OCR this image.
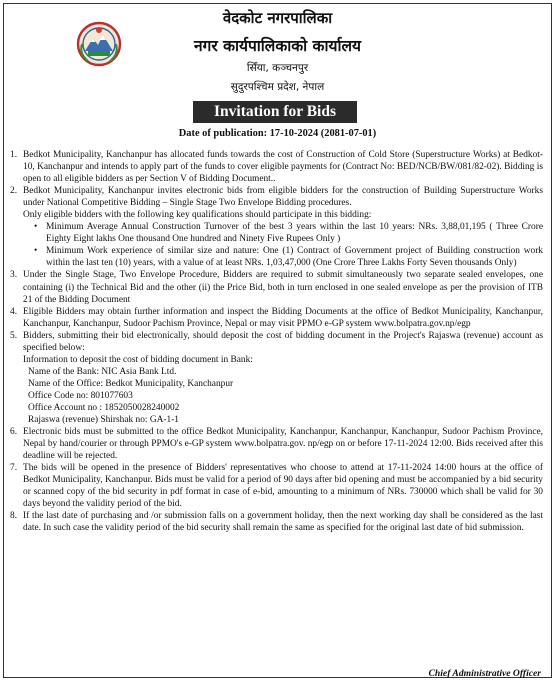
वेदकोट नगरपालिका
नगर कार्यपालिकाको कार्यालय
सिँया, कञ्चनपुर
सुदुरपश्चिम प्रदेश, नेपाल
Invitation for Bids
Date of publication: 17-10-2024 (2081-07-01)
1. Bedkot Municipality, Kanchanpur has allocated funds towards the cost of Construction of Cold Store (Superstructure Works) at Bedkot-10, Kanchanpur and intends to apply part of the funds to cover eligible payments for (Contract No: BED/NCB/BW/081/82-02). Bidding is open to all eligible bidders as per Section V of Bidding Document..
2. Bedkot Municipality, Kanchanpur invites electronic bids from eligible bidders for the construction of Building Superstructure Works under National Competitive Bidding – Single Stage Two Envelope Bidding procedures.
Only eligible bidders with the following key qualifications should participate in this bidding:
• Minimum Average Annual Construction Turnover of the best 3 years within the last 10 years: NRs. 3,88,01,195 ( Three Crore Eighty Eight lakhs One thousand One hundred and Ninety Five Rupees Only )
• Minimum Work experience of similar size and nature: One (1) Contract of Government project of Building construction work within the last ten (10) years, with a value of at least NRs. 1,03,47,000 (One Crore Three Lakhs Forty Seven thousands Only)
3. Under the Single Stage, Two Envelope Procedure, Bidders are required to submit simultaneously two separate sealed envelopes, one containing (i) the Technical Bid and the other (ii) the Price Bid, both in turn enclosed in one sealed envelope as per the provision of ITB 21 of the Bidding Document
4. Eligible Bidders may obtain further information and inspect the Bidding Documents at the office of Bedkot Municipality, Kanchanpur, Kanchanpur, Kanchanpur, Sudoor Pachism Province, Nepal or may visit PPMO e-GP system www.bolpatra.gov.np/egp
5. Bidders, submitting their bid electronically, should deposit the cost of bidding document in the Project's Rajaswa (revenue) account as specified below:
Information to deposit the cost of bidding document in Bank:
Name of the Bank: NIC Asia Bank Ltd.
Name of the Office: Bedkot Municipality, Kanchanpur
Office Code no: 801077603
Office Account no : 1852050028240002
Rajaswa (revenue) Shirshak no: GA-1-1
6. Electronic bids must be submitted to the office Bedkot Municipality, Kanchanpur, Kanchanpur, Kanchanpur, Sudoor Pachism Province, Nepal by hand/courier or through PPMO's e-GP system www.bolpatra.gov. np/egp on or before 17-11-2024 12:00. Bids received after this deadline will be rejected.
7. The bids will be opened in the presence of Bidders' representatives who choose to attend at 17-11-2024 14:00 hours at the office of Bedkot Municipality, Kanchanpur. Bids must be valid for a period of 90 days after bid opening and must be accompanied by a bid security or scanned copy of the bid security in pdf format in case of e-bid, amounting to a minimum of NRs. 730000 which shall be valid for 30 days beyond the validity period of the bid.
8. If the last date of purchasing and /or submission falls on a government holiday, then the next working day shall be considered as the last date. In such case the validity period of the bid security shall remain the same as specified for the original last date of bid submission.
Chief Administrative Officer
